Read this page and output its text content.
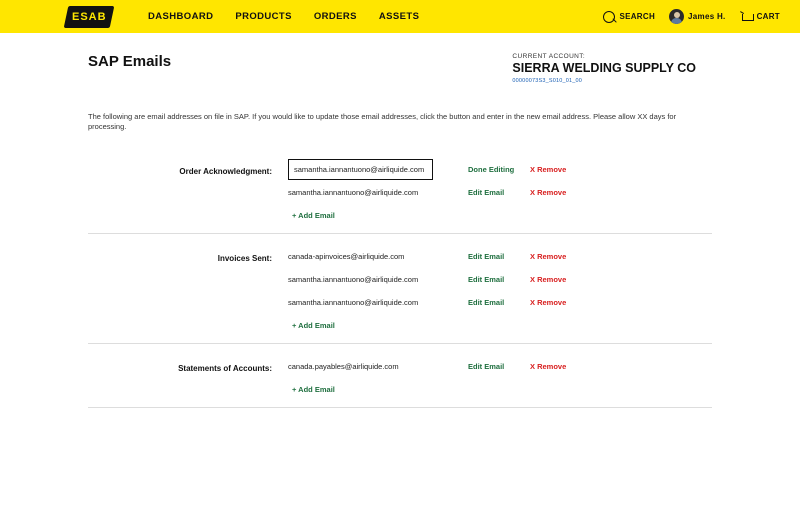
ESAB	DASHBOARD PRODUCTS ORDERS ASSETS	SEARCH	James H.	CART
SAP Emails	CURRENT ACCOUNT:
SIERRA WELDING SUPPLY CO
00000073S3_S010_01_00

The following are email addresses on file in SAP. If you would like to update those email addresses, click the button and enter in the new email address. Please allow XX days for processing.

Order Acknowledgment:
samantha.iannantuono@airliquide.com	Done Editing	X Remove
samantha.iannantuono@airliquide.com	Edit Email	X Remove
+ Add Email
Invoices Sent:	canada-apinvoices@airliquide.com	Edit Email	X Remove
samantha.iannantuono@airliquide.com	Edit Email	X Remove
samantha.iannantuono@airliquide.com	Edit Email	X Remove
+ Add Email
Statements of Accounts:	canada.payables@airliquide.com	Edit Email	X Remove
+ Add Email
